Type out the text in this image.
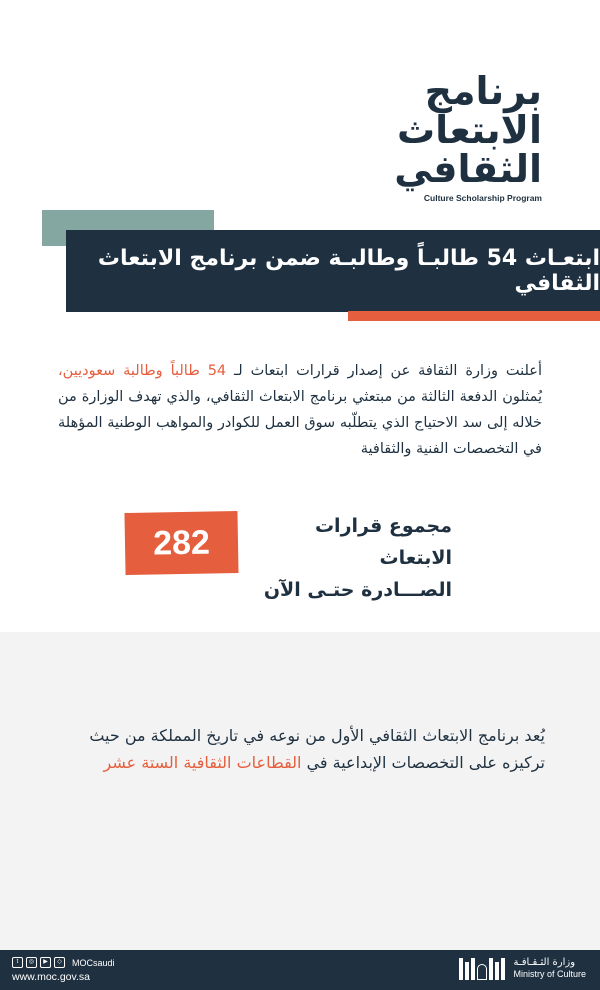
برنامج
الابتعاث
الثقافي
Culture Scholarship Program
ابتعـاث 54 طالبـاً وطالبـة ضمن برنامج الابتعاث الثقافي
أعلنت وزارة الثقافة عن إصدار قرارات ابتعاث لـ 54 طالباً وطالبة سعوديين، يُمثلون الدفعة الثالثة من مبتعثي برنامج الابتعاث الثقافي، والذي تهدف الوزارة من خلاله إلى سد الاحتياج الذي يتطلّبه سوق العمل للكوادر والمواهب الوطنية المؤهلة في التخصصات الفنية والثقافية
282	مجموع قرارات الابتعاث
الصـــادرة حتـى الآن
يُعد برنامج الابتعاث الثقافي الأول من نوعه في تاريخ المملكة من حيث تركيزه على التخصصات الإبداعية في القطاعات الثقافية الستة عشر
t	◎	▶	◇	MOCsaudi
www.moc.gov.sa
وزارة الثـقـافـة
Ministry of Culture
